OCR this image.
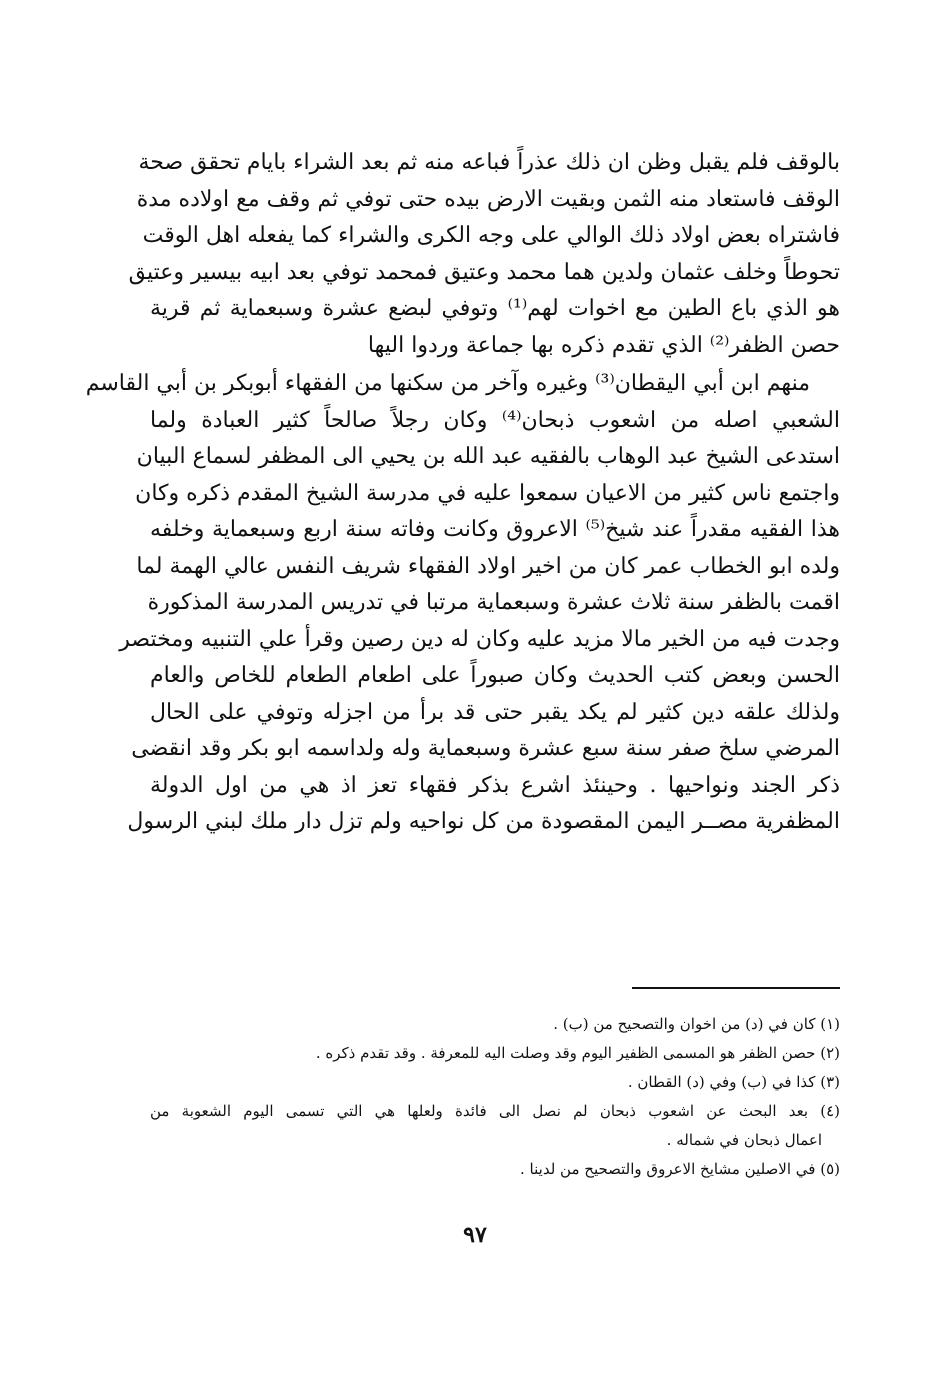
بالوقف فلم يقبل وظن ان ذلك عذراً فباعه منه ثم بعد الشراء بايام تحقق صحة
الوقف فاستعاد منه الثمن وبقيت الارض بيده حتى توفي ثم وقف مع اولاده مدة
فاشتراه بعض اولاد ذلك الوالي على وجه الكرى والشراء كما يفعله اهل الوقت
تحوطاً وخلف عثمان ولدين هما محمد وعتيق فمحمد توفي بعد ابيه بيسير وعتيق
هو الذي باع الطين مع اخوات لهم⁽¹⁾ وتوفي لبضع عشرة وسبعماية ثم قرية
حصن الظفر⁽²⁾ الذي تقدم ذكره بها جماعة وردوا اليها
منهم ابن أبي اليقطان⁽³⁾ وغيره وآخر من سكنها من الفقهاء أبوبكر بن أبي القاسم
الشعبي اصله من اشعوب ذبحان⁽⁴⁾ وكان رجلاً صالحاً كثير العبادة ولما
استدعى الشيخ عبد الوهاب بالفقيه عبد الله بن يحيي الى المظفر لسماع البيان
واجتمع ناس كثير من الاعيان سمعوا عليه في مدرسة الشيخ المقدم ذكره وكان
هذا الفقيه مقدراً عند شيخ⁽⁵⁾ الاعروق وكانت وفاته سنة اربع وسبعماية وخلفه
ولده ابو الخطاب عمر كان من اخير اولاد الفقهاء شريف النفس عالي الهمة لما
اقمت بالظفر سنة ثلاث عشرة وسبعماية مرتبا في تدريس المدرسة المذكورة
وجدت فيه من الخير مالا مزيد عليه وكان له دين رصين وقرأ علي التنبيه ومختصر
الحسن وبعض كتب الحديث وكان صبوراً على اطعام الطعام للخاص والعام
ولذلك علقه دين كثير لم يكد يقبر حتى قد برأ من اجزله وتوفي على الحال
المرضي سلخ صفر سنة سبع عشرة وسبعماية وله ولداسمه ابو بكر وقد انقضى
ذكر الجند ونواحيها . وحينئذ اشرع بذكر فقهاء تعز اذ هي من اول الدولة
المظفرية مصــر اليمن المقصودة من كل نواحيه ولم تزل دار ملك لبني الرسول
(١) كان في (د) من اخوان والتصحيح من (ب) .
(٢) حصن الظفر هو المسمى الظفير اليوم وقد وصلت اليه للمعرفة . وقد تقدم ذكره .
(٣) كذا في (ب) وفي (د) القطان .
(٤) بعد البحث عن اشعوب ذبحان لم نصل الى فائدة ولعلها هي التي تسمى اليوم الشعوبة من
اعمال ذبحان في شماله .
(٥) في الاصلين مشايخ الاعروق والتصحيح من لدينا .
٩٧
